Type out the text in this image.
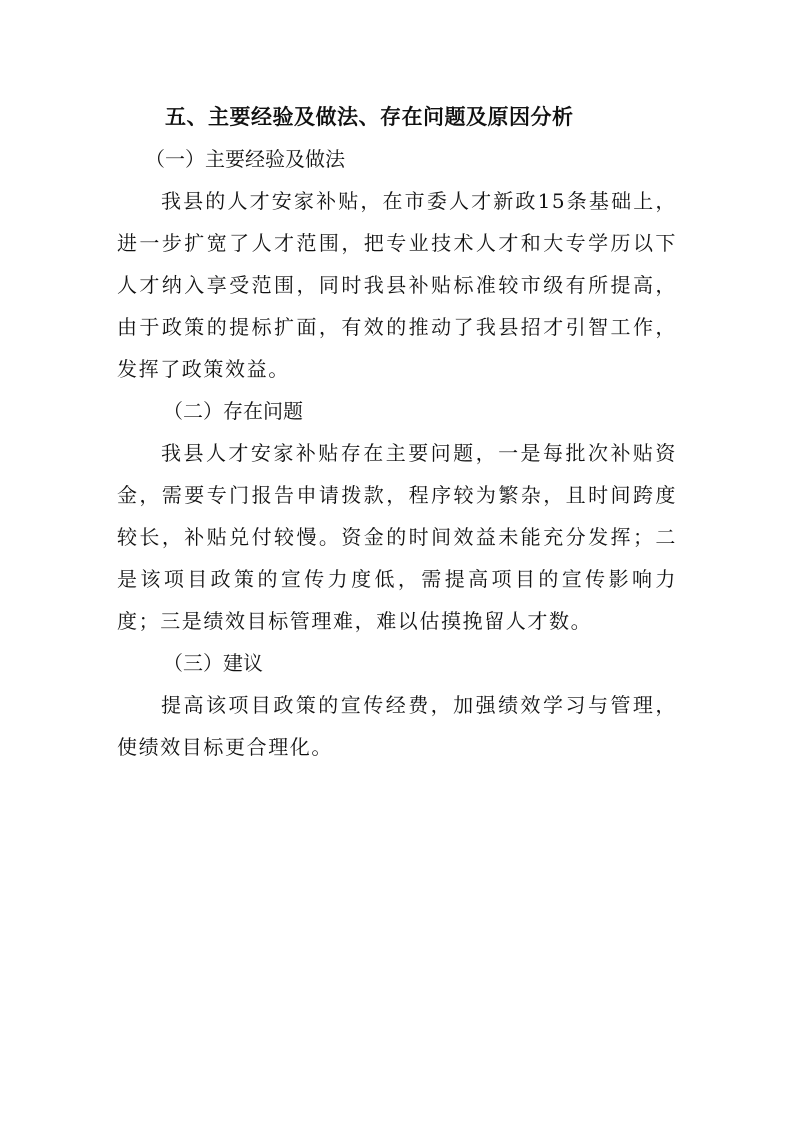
五、主要经验及做法、存在问题及原因分析
（一）主要经验及做法

我县的人才安家补贴，在市委人才新政15条基础上，进一步扩宽了人才范围，把专业技术人才和大专学历以下人才纳入享受范围，同时我县补贴标准较市级有所提高，由于政策的提标扩面，有效的推动了我县招才引智工作，发挥了政策效益。

（二）存在问题

我县人才安家补贴存在主要问题，一是每批次补贴资金，需要专门报告申请拨款，程序较为繁杂，且时间跨度较长，补贴兑付较慢。资金的时间效益未能充分发挥；二是该项目政策的宣传力度低，需提高项目的宣传影响力度；三是绩效目标管理难，难以估摸挽留人才数。

（三）建议

提高该项目政策的宣传经费，加强绩效学习与管理，使绩效目标更合理化。
